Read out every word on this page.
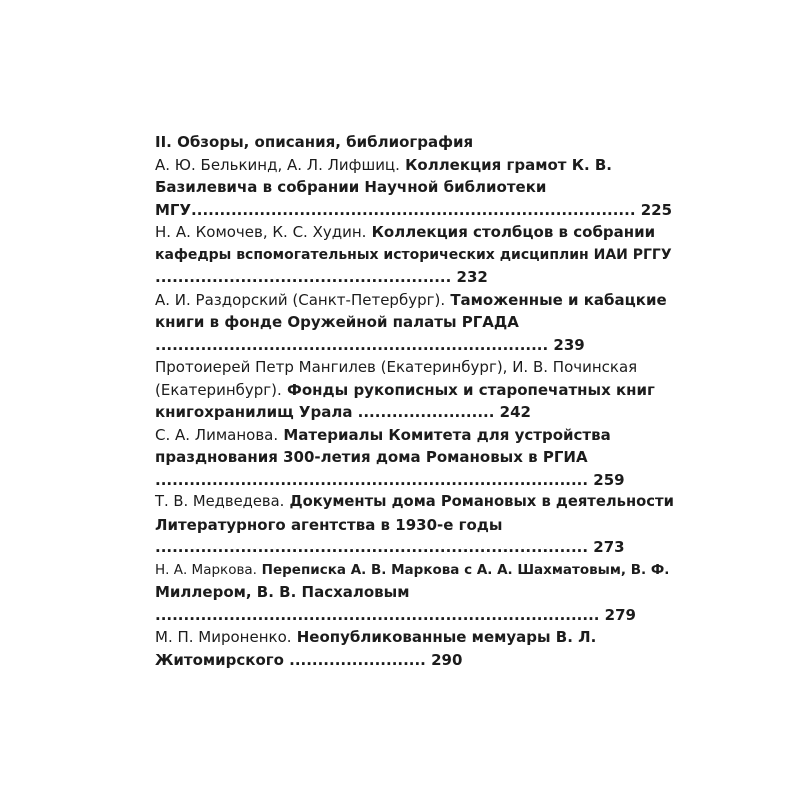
II. Обзоры, описания, библиография
А. Ю. Белькинд, А. Л. Лифшиц. Коллекция грамот К. В.
Базилевича в собрании Научной библиотеки
МГУ.............................................................................. 225
Н. А. Комочев, К. С. Худин. Коллекция столбцов в собрании
кафедры вспомогательных исторических дисциплин ИАИ РГГУ
.................................................... 232
А. И. Раздорский (Санкт-Петербург). Таможенные и кабацкие
книги в фонде Оружейной палаты РГАДА
..................................................................... 239
Протоиерей Петр Мангилев (Екатеринбург), И. В. Починская
(Екатеринбург). Фонды рукописных и старопечатных книг
книгохранилищ Урала ........................ 242
С. А. Лиманова. Материалы Комитета для устройства
празднования 300-летия дома Романовых в РГИА
............................................................................ 259
Т. В. Медведева. Документы дома Романовых в деятельности
Литературного агентства в 1930-е годы
............................................................................ 273
Н. А. Маркова. Переписка А. В. Маркова с А. А. Шахматовым, В. Ф.
Миллером, В. В. Пасхаловым
.............................................................................. 279
М. П. Мироненко. Неопубликованные мемуары В. Л.
Житомирского ........................ 290
